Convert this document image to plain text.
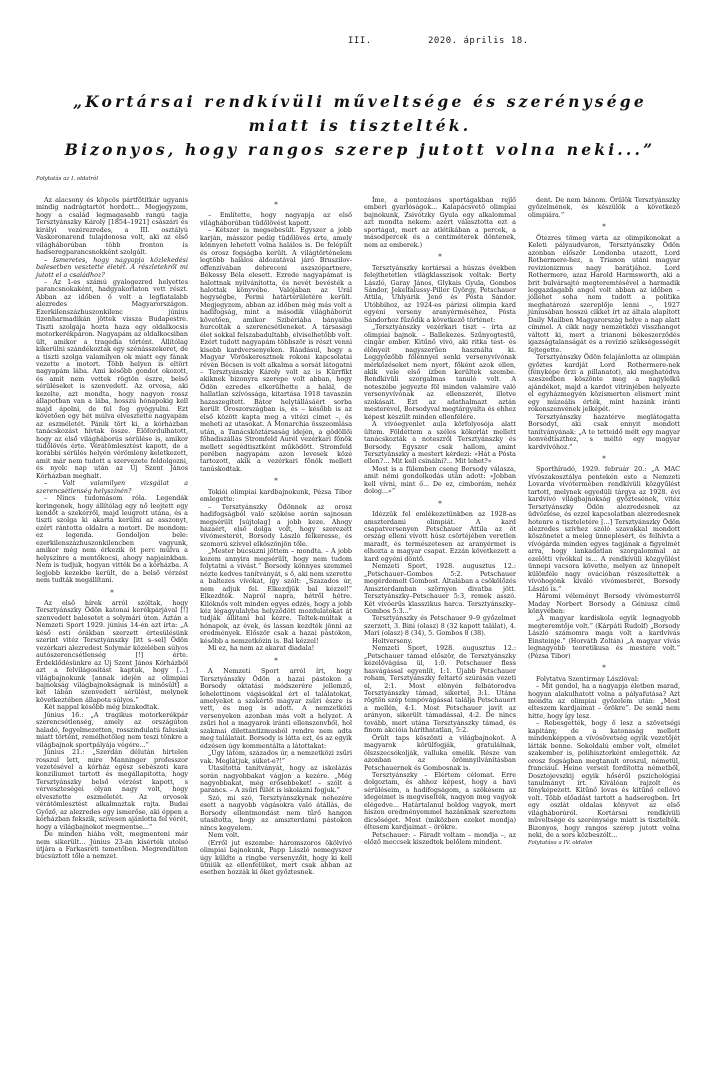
III.	2020. április 18.
„Kortársai rendkívüli műveltsége és szerénysége miatt is tisztelték.
Bizonyos, hogy rangos szerep jutott volna neki...”
Folytatás az I. oldalról

Az alacsony és köpcös pártfőtitkár ugyanis mindig nadrágtartót hordott... Megjegyzem, hogy a család legmagasabb rangú tagja Tersztyánszky Károly [1854–1921] császári és királyi vezérezredes, a III. osztályú Vaskoronarend tulajdonosa volt, aki az első világháborúban több fronton is hadseregparancsnokként szolgált.

– Ismeretes, hogy nagyapja közlekedési balesetben vesztette életét. A részletekről mi jutott el a családhoz?

– Az 1-es számú gyalogezred helyettes parancsnokaként, hadgyakorlaton vett részt. Abban az időben ő volt a legfiatalabb alezredes Magyarországon. Ezerkilenszázhuszonkilenc június tizenharmadikán jöttek vissza Budapestre. Tiszti szolgája hozta haza egy oldalkocsis motorkerékpáron. Nagyapám az oldalkocsiban ült, amikor a tragédia történt. Állítólag kikerülni szándékoztak egy szénásszekeret, de a tiszti szolga valamilyen ok miatt egy fának vezette a motort. Több helyen is eltört nagyapám lába. Ami később gondot okozott, és amit nem vettek rögtön észre, belső sérüléseket is szenvedett. Az orvosa, aki kezelte, azt mondta, hogy nagyon rossz állapotban van a lába, hosszú hónapokig kell majd ápolni, de fel fog gyógyulni. Ezt követően egy hét múlva elvesztette nagyapám az eszméletét. Pánik tört ki, a kórházban tanácskozást hívtak össze. Előfordulhatott, hogy az első világháborús sérülése is, amikor tüdőlövés érte. Vérátömlesztést kapott, de a korábbi sérülés helyén vérömleny keletkezett, amit már nem tudott a szervezete feldolgozni, és nyolc nap után az Új Szent János Kórházban meghalt.

– Volt valamilyen vizsgálat a szerencsétlenség helyszínén?

– Nincs tudomásom róla. Legendák keringenek, hogy állítólag egy nő leejtett egy kendőt a szekérről, majd leugrott utána, és a tiszti szolga ki akarta kerülni az asszonyt, ezért rántotta oldalra a motort. De mondom: ez legenda. Gondoljon bele: ezerkilenszázhuszonkilencben vagyunk, amikor még nem érkezik öt perc múlva a helyszínre a mentőkocsi, ahogy napjainkban. Nem is tudjuk, hogyan vitték be a kórházba. A legjobb kezekbe került, de a belső vérzést nem tudták megállítani.

*

Az első hírek arról szóltak, hogy Tersztyánszky Ödön katonai kerékpárjával [!] szenvedett balesetet a solymári úton. Aztán a Nemzeti Sport 1929. június 14-én azt írta: „A késő esti órákban szerzett értesülésünk szerint vitéz Tersztyánszky [itt s–sel] Ödön vezérkari alezredest Solymár közelében súlyos autószerencsétlenség [!] érte. Érdeklődésünkre az Új Szent János Kórházból azt a felvilágosítást kaptuk, hogy [...] világbajnokunk [annak idején az olimpiai bajnokság világbajnokságnak is minősült] a két lábán szenvedett sérülést, melynek következtében állapota súlyos.”

Két nappal később még bizakodtak.

Június 16.: „A tragikus motorkerékpár szerencsétlenség, amely az országúton haladó, fegyelmezetten, rosszindulatú falusiak miatt történt, remélhetőleg nem teszi tönkre a világbajnok sportpályája végére...”

Június 21.: „Szerdán délután hirtelen rosszul lett, mire Manninger professzor vezetésével a kórház egész sebészeti kara konziliumot tartott és megállapította, hogy Tersztyánszky belső vérzést kapott, s vérveszteségei olyan nagy volt, hogy elvesztette eszméletét. Az orvosok vérátömlesztést alkalmaztak rajta. Budai Győző, az alezredes egy ismerőse, aki éppen a kórházban fekszik, szívesen ajánlotta fel vérét, hogy a világbajnokot megmentse...”

De minden hiába volt, megmenteni már nem sikerült... Június 23-án kísérték utolsó útjára a Farkasréti temetőben. Megrendülten búcsúztott tőle a nemzet.

*

– Említette, hogy nagyapja az első világháborúban tüdőlövést kapott.

– Kétszer is megsebesült. Egyszer a jobb karján, másszor pedig tüdőlövés érte, amely könnyen lehetett volna halálos is. De felépült és orosz fogságba került. A világtörténelem legtöbb halálos áldozatával járó Bruszilov-offenzívában debreceni aszszópartnere, Békessy Béla elesett. Ezrede nagyapámat is halottnak nyilvánította, és nevét bevésték a halottak könyvébe. Valójában az Urál hegységbe, Permi határtérületére került. Megjegyzem, abban az időben még más volt a hadifogság, mint a második világháborút követően, amikor Szibériába bányaiba hurcolták a szerencsétleneket. A társasági élet sokkal felszabadultabb, elviselhetőbb volt. Ezért tudott nagyapám többször is részt venni kisebb kardversenyeken. Ráadásul, hogy a Magyar Vöröskeresztnek rokoni kapcsolatai révén Bécsen is volt alkalma a sorsát látogatni – Tersztyánszky Károly volt az is Kürrfikt akiknek bizonyra szerepe volt abban, hogy Ödön ezredes elkerülhette a halál, de hallatlan szívóssága, kitartása 1918 tavaszán hazaszegített. Bátor helytállásáért sorba került Oroszországban is, és – később is az első között kapta meg a vitézi címet –, és meheti az utasokat. A Monarchia összeomlása után, a Tanácsköztársaság idején, a gödöllői főhadiszállás Stromfeld Aurél vezérkari főnök mellett segédtisztként működött. Stromfeld perében nagyapám azon levesek közé tartozott, akik a vezérkari főnök mellett tanúskodtak.

*

Tokiói olimpiai kardbajnokunk, Pézsa Tibor emlegette:

– Tersztyánszky Ödönnek az orosz hadifogságból való szökése során sajnosan megsérült [sújtolag] a jobb keze. Ahogy hazaért, első dolga volt, hogy szerezett vívómesterét, Borsody László felkeresse, és szomorú szívvel elköszönjön tőle.

„Mester búcsúzni jöttem – mondta. – A jobb kezem annyira megsérült, hogy nem tudom folytatni a vívást.” Borsody könnyes szemmel nézte kedves tanítványát, s ő, aki nem szerette a baltezes vívókat, így szólt: „Szazados úr, nem adjuk fel. Elkezdjük bal kézzel!” Elkezdték. Napról napra, hétről hétre. Kilóknős volt minden egyes edzés, hogy a jobb kéz légagyulalyba helyződött mozdulatokat át tudják állítani bal kézre. Teltek-múltak a hónapok, az évek, és lassan kezdték jönni az eredmények. Először csak a hazai pástokon, később a nemzetközin is. Bal kézzel!

Mi ez, ha nem az akarat diadala!

*

A Nemzeti Sport arról írt, hogy Tersztyánszky Ödön a hazai pástokon a Borsody oktatási módszerére jellemző, lehelettinom vágásokkal ért el találatokat, amelyeket a szakértő magyar zsűri észre is vett, és meg is adott. A nemzetközi versenyeken azonban más volt a helyzet. A zsűri hol a magyarok iránti ellenszenvből, hol szakmai dilettantizmusból rendre nem adta meg találatait. Borsody is látta ezt, és az egyik edzésen úgy kommentálta a látottakat:

„Úgy látom, százados úr, a nemzetközi zsűri vak. Meglátjuk, süket-e?!”

Utasította tanítványát, hogy az iskolázás során nagyobbakat vágjon a kezére. „Még nagyobbakat, még erősebbeket! – szólt a parancs. – A zsűri fülét is iskolázni fogjuk.”

Szó, mi szó, Tersztyánszkynak nehezére esett a nagyobb vágásokra való átállás, de Borsody ellentmondást nem tűrő hangon utasította, hogy az amszterdami pástokon nincs kegyelem.

Nem volt.

(Erről jut eszembe: háromszoros ökölvívó olimpiai bajnokunk, Papp László nemegyszer úgy küldte a ringbe versenyzőit, hogy ki kell ütniük az ellenfelüket, mert csak abban az esetben hozzák ki őket győztesnek.

Íme, a pontozásos sportágakban rejlő emberi gyarlóságok... Kalapácsvető olimpiai bajnokunk, Zsivótzky Gyula egy alkalommal azt mondta nekem: azért választotta ezt a sportágat, mert az atlétikában a percek, a másodpercek és a centiméterek döntenek, nem az emberek.)

*

Tersztyánszky kortársai a húszas években felejthetetlen világklasszisok voltak: Berty László, Garay János, Glykais Gyula, Gombos Sándor, Jekelfalussy-Piller György, Petschauer Attila, Uhlyárik Jenő és Pósta Sándor. Utóbbihoz, az 1924-es párizsi olimpia kard egyéni verseny aranyérméséhez, Pósta Sándorhoz fűződik a következő történet:

„Tersztyánszky vezérkari tiszt – írta az olimpiai bajnok. – Ballekezes. Szűnyogtestű, cingár ember. Kitűnő vívó, aki ritka test- és élőnyeit nagyszerűen használta ki. Leggyőzőbb fölénnyel senki versenyvívónak mérkőzéseket nem nyert, főként azok ellen, akik vele első ízben kerültek szembe. Rendkívüli szorgalmas tanuló volt. A noteszébe jegyezte föl minden valamire való versenyvívónak az ellenszerét, illetve szokásait. Ezt az adathalmazt aztán mesterével, Borsodyval megtárgyalta és ehhez képest készült minden ellenfélére.

A vívóegyenlet aula körfolyosója alatt ültem. Földéttem a széles kökorlát mellett tanácskozták a noteszről Tersztyánszky és Borsody. Egyszer csak hallom, amint Tersztyánszky a mestert kérdezi: »Hát a Pósta ellen?... Mit kell csinálni?... Mit lehet?«

Most is a fülemben cseng Borsody válasza, amit némi gondolkodás után adott: »Jobban kell vívni, mint ő... De ez, cimborám, nehéz dolog...«”

*

Idézzük fel emlékezetünkben az 1928-as amszterdami olimpiát. A kard csapatversenyen Petschauer Attila az öt ország elleni vívott húsz csörtéjében veretlen maradt, és természetesen az aranyérmet is elhozta a magyar csapat. Ezzán következett a kard egyéni döntő.

Nemzeti Sport, 1928. augusztus 12.: „Petschauer–Gombos 5:2. Petschauer megérdemelt Gombost. Általában a csökölőzés Amszterdamban szörnyen divatba jött. Tersztyánszky–Petschauer 5:3, remek asszó. Két vívóerűs klasszikus harca. Tersztyánszky–Gombos 5:3...”

Tersztyánszky és Petschauer 9–9 győzelmet szerzett, 3. Bini (olasz) 8 (32 kapott találat), 4. Mari (olasz) 8 (34), 5. Gombos 8 (38).

Holtverseny.

Nemzeti Sport, 1928. augusztus 12.: „Petschauer támad először, de Tersztyánszky kézelővágása ül, 1:0. Petschauer fless hasvágással egyenlít, 1:1. Újabb Petschauer roham, Tersztyánszky feltartó szúrásán vezeti el, 2:1. Most elönyén felbátorodva Tersztyánszky támad, sikertel, 3:1. Utána rögtön szép tempóvágással találja Petschauert a mellén, 4:1. Most Petschauer javít az arányon, sikerült támadással, 4:2. De nincs tovább, mert utána Tersztyánszky támad, és finom akcióia háríthatatlan, 5:2.

Örült taps köszönti a világbajnokot. A magyarok körülfogják, gratulálnak, ölszszecsókolják, valluka emelik. Része van azonban az örömnyilvánításban Petschauernek és Gombosnak is.

Tersztyánszky – Elértem célomat. Erre dolgoztam, és ahhoz képest, hogy a havi sérüléseim, a hadifogságom, a szökésem az idegeimet is megviselték, nagyon meg vagyok elégedve... Határtalanul boldog vagyok, mert hiszen eredményemmel hazánknak szereztem dicsőséget. Most (miközben ezeket mondja) éltesem kardjaimat – örökre.

Petschauer: – Fáradt voltam – mondja –, az előző meccsek kiszedtek belőlem mindent.

dent. De nem bánom. Örülök Tersztyánszky győzelmének, és készülök a következő olimpiára.”

*

Ötezres tömeg várta az olimpikonokat a Keleti pályaudvaron, Tersztyánszky Ödön azonban először Londonba utazott, Lord Rothermere-hez, a Trianon utáni magyar revizionizmus nagy barátjához. Lord Rothermere, azaz Harold Harmsworth, aki a brit bulvársajtó megteremtésével a harmadik leggazdagabb angol volt abban az időben – jóllehet soha nem tudott a politika meghatározó szereplője lenni –, 1927 júniusában hosszú cikket írt az általa alapított Daily Mailben Magyarország helye a nap alatt címmel. A cikk nagy nemzetközi visszhangot váltott ki, mert a trianoni békeszerződés igazságtalanságát és a revízió szükségességét fejtegette.

Tersztyánszky Ödön felajánlotta az olimpián győztes kardját Lord Rothermere-nek (fényképe őrzi a pillanatot), aki meghatódva szeszedben köszönte meg a nagylelkű ajándékot, majd a kardot vitrinjében helyezte el egyházmegyén közismerten elismert mint egy múzeális érték, mint hazánk iránti rokonszenvének jelképét.

Tersztyánszky hazatérve meglátogatta Borsodyt, aki csak ennyit mondott tanítványának: „A te tetteidő mélt egy magyar honvédtiszthez, s méltó egy magyar kardvívóhoz.”

*

Sporthíradó, 1929. február 20.: „A MAC vívószakosztálya pentekén este a Nemzeti Lovarda vívótermében rendkívüli közgyűlést tartott, melynek egyedüli tárgya az 1928. évi kardvívó világbajnokság győztesének, vitéz Tersztyánszky Ödön alezredesnek az üdvözlése, és ezzel kapcsolatban alezredesnek hotenre a tiszteletére [...] Tersztyánszky Ödön alezredes szívhez szóló szavakkal mondott köszönetet a meleg ünneplésért, és felhívta a vívógárda minden egyes tagjának a figyelmét arra, hogy lankadatlan szorgalommal az ezelőtti vívókkal is... A rendkívüli közgyűlést ünnepi vacsora követte, melyen az ünnepelt különféle nagy ovációban részesítették a vívóhogónk kiváló vívómesterét, Borsody László is.”

Háromi véleményt Borsody vívómesterről Maday Norbert Borsody a Géniusz című könyvében:

„A magyar kardiskola egyik legnagyobb megteremtője volt.” (Kárpáti Rudolf) „Borsody László számomra maga volt a kardvívás Einsteinje.” (Horváth Zoltán) „A magyar vívás legnagyobb teoretikusa és mestere volt.” (Pézsa Tibor)

*

Folytatva Szentirmay Lászlóval:

– Mit gondol, ha a nagyapja életben marad, hogyan alakulhatott volna a pályafutása? Azt mondta az olimpiai győzelem után: „Most elteszem kardjaimat – örökre”. De senki nem hitte, hogy így lesz.

– Rebesgették, hogy ő lesz a szövetségi kapitány, de a katonaság mellett mindenképpen a vívósövetség egyik vezetőjét látták benne. Sokoldalú ember volt, elmélet szakember is, polihisztorként emlegették. Az orosz fogságban megtanult oroszul, németül, franciául. Heine verseit fordította németből, Dosztojevszkij egyik hőséről pszichológiai tanulmányt írt. Kiválóan rajzolt és fényképezett. Kitűnő lovas és kitűnő cellóvó volt. Több előadást tartott a hadseregben. Írt egy oszlát oldalas könyvet az első világháborúról. Kortársai rendkívüli műveltsége és szerénysége miatt is tisztelték. Bizonyos, hogy rangos szerep jutott volna neki, de a sors közbeszólt...

Folytatása a IV. oldalon
